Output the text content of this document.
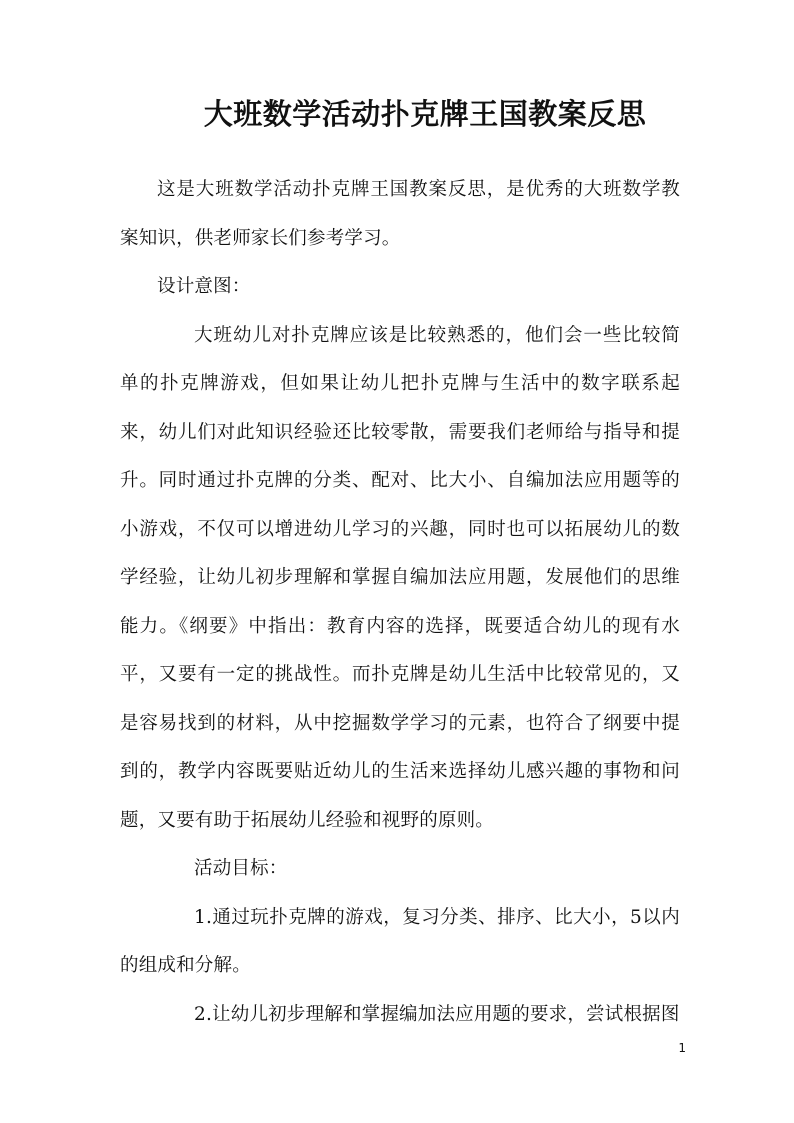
大班数学活动扑克牌王国教案反思

这是大班数学活动扑克牌王国教案反思，是优秀的大班数学教案知识，供老师家长们参考学习。

设计意图：

大班幼儿对扑克牌应该是比较熟悉的，他们会一些比较简单的扑克牌游戏，但如果让幼儿把扑克牌与生活中的数字联系起来，幼儿们对此知识经验还比较零散，需要我们老师给与指导和提升。同时通过扑克牌的分类、配对、比大小、自编加法应用题等的小游戏，不仅可以增进幼儿学习的兴趣，同时也可以拓展幼儿的数学经验，让幼儿初步理解和掌握自编加法应用题，发展他们的思维能力。《纲要》中指出：教育内容的选择，既要适合幼儿的现有水平，又要有一定的挑战性。而扑克牌是幼儿生活中比较常见的，又是容易找到的材料，从中挖掘数学学习的元素，也符合了纲要中提到的，教学内容既要贴近幼儿的生活来选择幼儿感兴趣的事物和问题，又要有助于拓展幼儿经验和视野的原则。

活动目标：

1.通过玩扑克牌的游戏，复习分类、排序、比大小，5以内的组成和分解。

2.让幼儿初步理解和掌握编加法应用题的要求，尝试根据图

1
